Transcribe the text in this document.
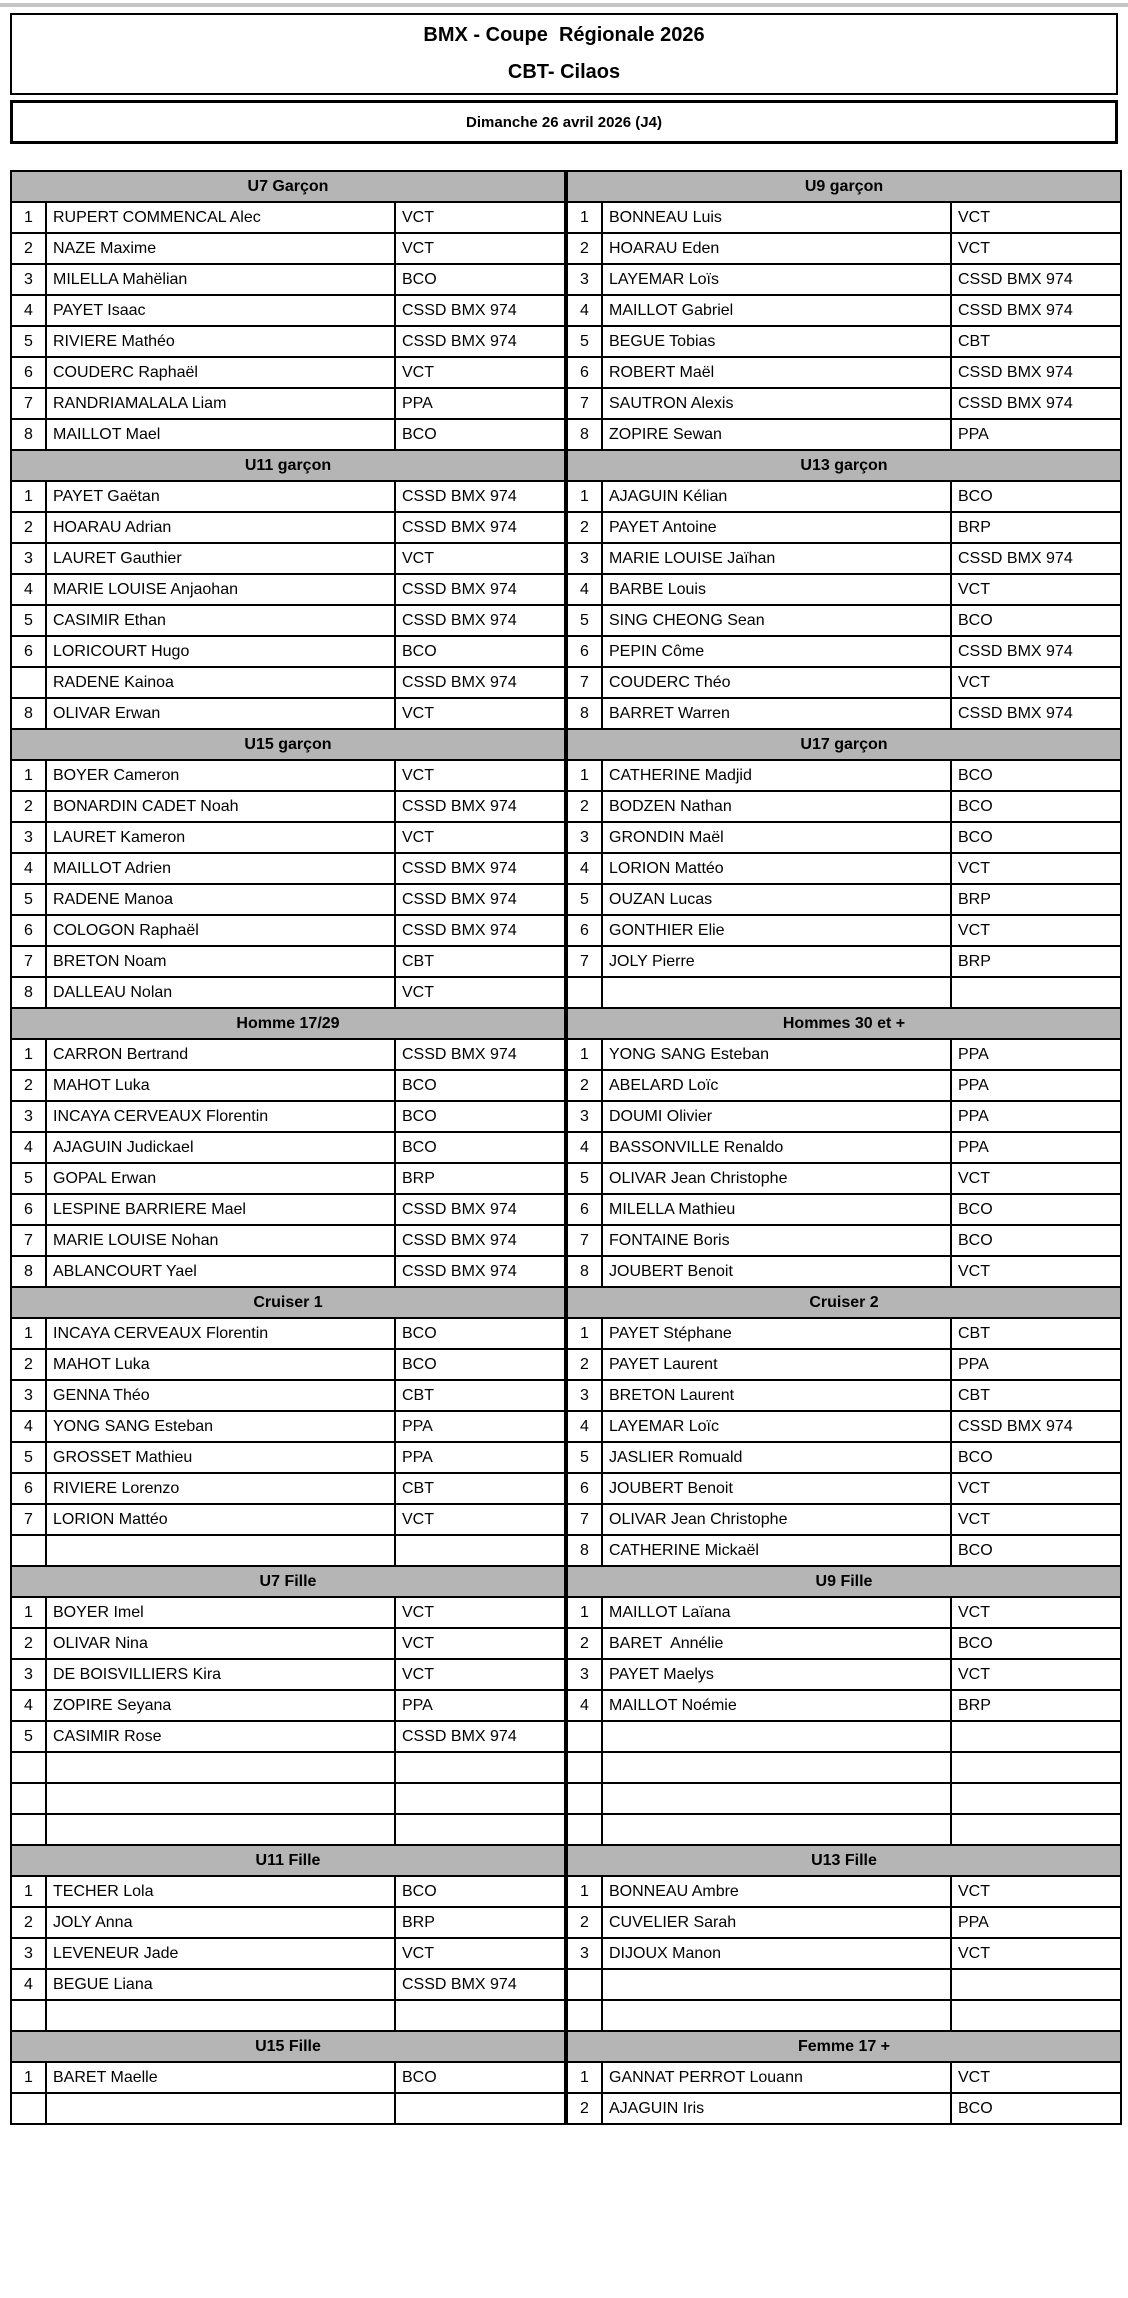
BMX - Coupe  Régionale 2026
CBT- Cilaos
Dimanche 26 avril 2026 (J4)
U7 Garçon		
1	RUPERT COMMENCAL Alec	VCT
2	NAZE Maxime	VCT
3	MILELLA Mahëlian	BCO
4	PAYET Isaac	CSSD BMX 974
5	RIVIERE Mathéo	CSSD BMX 974
6	COUDERC Raphaël	VCT
7	RANDRIAMALALA Liam	PPA
8	MAILLOT Mael	BCO
U11 garçon		
1	PAYET Gaëtan	CSSD BMX 974
2	HOARAU Adrian	CSSD BMX 974
3	LAURET Gauthier	VCT
4	MARIE LOUISE Anjaohan	CSSD BMX 974
5	CASIMIR Ethan	CSSD BMX 974
6	LORICOURT Hugo	BCO
	RADENE Kainoa	CSSD BMX 974
8	OLIVAR Erwan	VCT
U15 garçon		
1	BOYER Cameron	VCT
2	BONARDIN CADET Noah	CSSD BMX 974
3	LAURET Kameron	VCT
4	MAILLOT Adrien	CSSD BMX 974
5	RADENE Manoa	CSSD BMX 974
6	COLOGON Raphaël	CSSD BMX 974
7	BRETON Noam	CBT
8	DALLEAU Nolan	VCT
Homme 17/29		
1	CARRON Bertrand	CSSD BMX 974
2	MAHOT Luka	BCO
3	INCAYA CERVEAUX Florentin	BCO
4	AJAGUIN Judickael	BCO
5	GOPAL Erwan	BRP
6	LESPINE BARRIERE Mael	CSSD BMX 974
7	MARIE LOUISE Nohan	CSSD BMX 974
8	ABLANCOURT Yael	CSSD BMX 974
Cruiser 1		
1	INCAYA CERVEAUX Florentin	BCO
2	MAHOT Luka	BCO
3	GENNA Théo	CBT
4	YONG SANG Esteban	PPA
5	GROSSET Mathieu	PPA
6	RIVIERE Lorenzo	CBT
7	LORION Mattéo	VCT

U7 Fille		
1	BOYER Imel	VCT
2	OLIVAR Nina	VCT
3	DE BOISVILLIERS Kira	VCT
4	ZOPIRE Seyana	PPA
5	CASIMIR Rose	CSSD BMX 974

U11 Fille		
1	TECHER Lola	BCO
2	JOLY Anna	BRP
3	LEVENEUR Jade	VCT
4	BEGUE Liana	CSSD BMX 974

U15 Fille		
1	BARET Maelle	BCO

U9 garçon		
1	BONNEAU Luis	VCT
2	HOARAU Eden	VCT
3	LAYEMAR Loïs	CSSD BMX 974
4	MAILLOT Gabriel	CSSD BMX 974
5	BEGUE Tobias	CBT
6	ROBERT Maël	CSSD BMX 974
7	SAUTRON Alexis	CSSD BMX 974
8	ZOPIRE Sewan	PPA
U13 garçon		
1	AJAGUIN Kélian	BCO
2	PAYET Antoine	BRP
3	MARIE LOUISE Jaïhan	CSSD BMX 974
4	BARBE Louis	VCT
5	SING CHEONG Sean	BCO
6	PEPIN Côme	CSSD BMX 974
7	COUDERC Théo	VCT
8	BARRET Warren	CSSD BMX 974
U17 garçon		
1	CATHERINE Madjid	BCO
2	BODZEN Nathan	BCO
3	GRONDIN Maël	BCO
4	LORION Mattéo	VCT
5	OUZAN Lucas	BRP
6	GONTHIER Elie	VCT
7	JOLY Pierre	BRP

Hommes 30 et +		
1	YONG SANG Esteban	PPA
2	ABELARD Loïc	PPA
3	DOUMI Olivier	PPA
4	BASSONVILLE Renaldo	PPA
5	OLIVAR Jean Christophe	VCT
6	MILELLA Mathieu	BCO
7	FONTAINE Boris	BCO
8	JOUBERT Benoit	VCT
Cruiser 2		
1	PAYET Stéphane	CBT
2	PAYET Laurent	PPA
3	BRETON Laurent	CBT
4	LAYEMAR Loïc	CSSD BMX 974
5	JASLIER Romuald	BCO
6	JOUBERT Benoit	VCT
7	OLIVAR Jean Christophe	VCT
8	CATHERINE Mickaël	BCO
U9 Fille		
1	MAILLOT Laïana	VCT
2	BARET  Annélie	BCO
3	PAYET Maelys	VCT
4	MAILLOT Noémie	BRP

U13 Fille		
1	BONNEAU Ambre	VCT
2	CUVELIER Sarah	PPA
3	DIJOUX Manon	VCT

Femme 17 +		
1	GANNAT PERROT Louann	VCT
2	AJAGUIN Iris	BCO
